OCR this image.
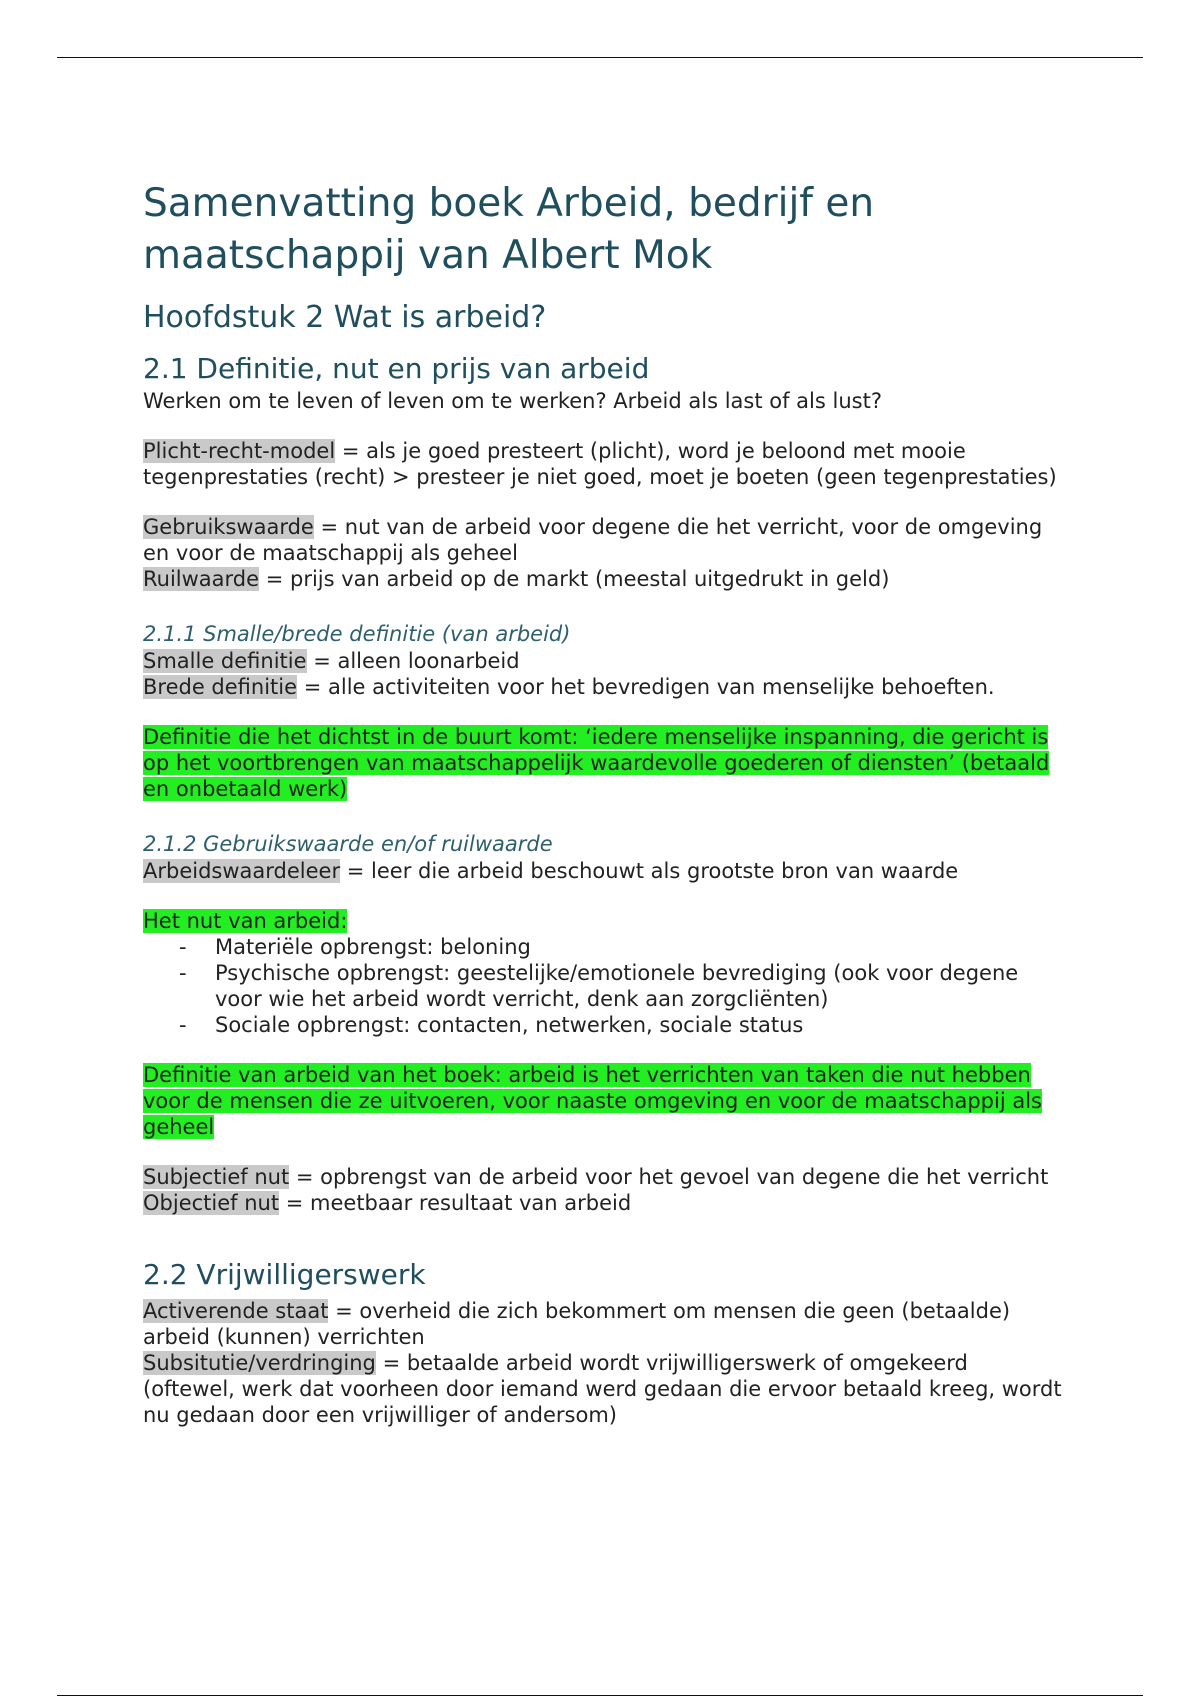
Samenvatting boek Arbeid, bedrijf en maatschappij van Albert Mok
Hoofdstuk 2 Wat is arbeid?
2.1 Definitie, nut en prijs van arbeid

Werken om te leven of leven om te werken? Arbeid als last of als lust?

Plicht-recht-model = als je goed presteert (plicht), word je beloond met mooie tegenprestaties (recht) > presteer je niet goed, moet je boeten (geen tegenprestaties)

Gebruikswaarde = nut van de arbeid voor degene die het verricht, voor de omgeving en voor de maatschappij als geheel

Ruilwaarde = prijs van arbeid op de markt (meestal uitgedrukt in geld)

2.1.1 Smalle/brede definitie (van arbeid)

Smalle definitie = alleen loonarbeid

Brede definitie = alle activiteiten voor het bevredigen van menselijke behoeften.

Definitie die het dichtst in de buurt komt: ‘iedere menselijke inspanning, die gericht is op het voortbrengen van maatschappelijk waardevolle goederen of diensten’ (betaald en onbetaald werk)

2.1.2 Gebruikswaarde en/of ruilwaarde

Arbeidswaardeleer = leer die arbeid beschouwt als grootste bron van waarde

Het nut van arbeid:

- Materiële opbrengst: beloning
- Psychische opbrengst: geestelijke/emotionele bevrediging (ook voor degene voor wie het arbeid wordt verricht, denk aan zorgcliënten)
- Sociale opbrengst: contacten, netwerken, sociale status

Definitie van arbeid van het boek: arbeid is het verrichten van taken die nut hebben voor de mensen die ze uitvoeren, voor naaste omgeving en voor de maatschappij als geheel

Subjectief nut = opbrengst van de arbeid voor het gevoel van degene die het verricht

Objectief nut = meetbaar resultaat van arbeid

2.2 Vrijwilligerswerk

Activerende staat = overheid die zich bekommert om mensen die geen (betaalde) arbeid (kunnen) verrichten

Subsitutie/verdringing = betaalde arbeid wordt vrijwilligerswerk of omgekeerd (oftewel, werk dat voorheen door iemand werd gedaan die ervoor betaald kreeg, wordt nu gedaan door een vrijwilliger of andersom)
